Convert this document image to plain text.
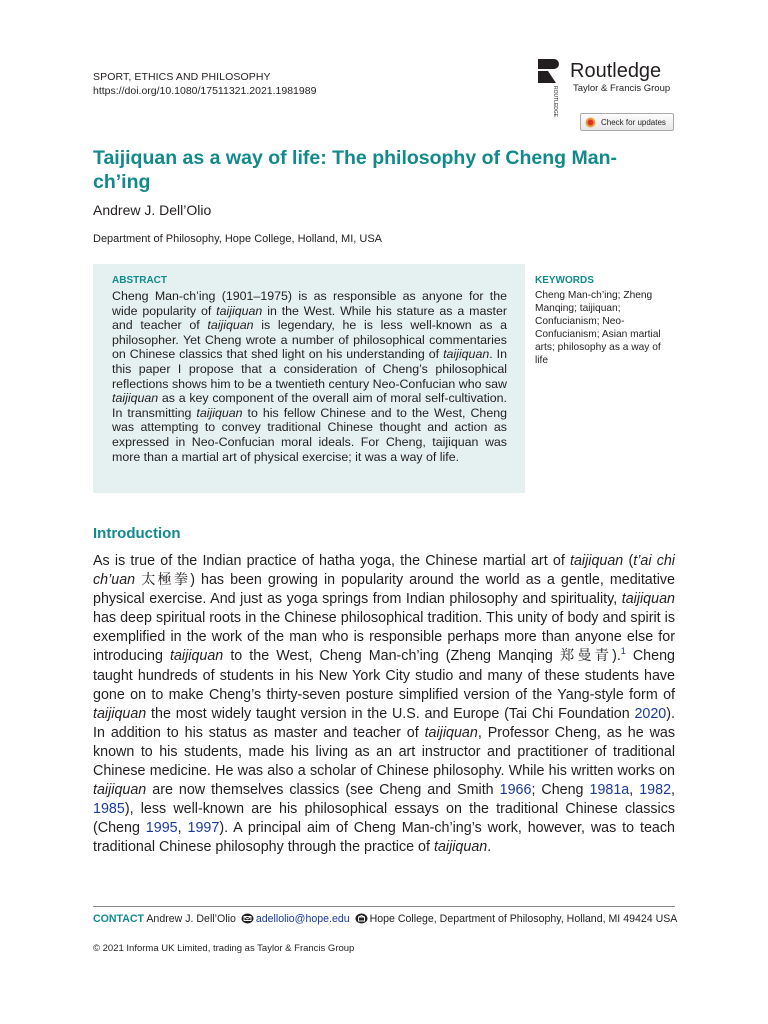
SPORT, ETHICS AND PHILOSOPHY
https://doi.org/10.1080/17511321.2021.1981989	ROUTLEDGE
Routledge
Taylor & Francis Group
Check for updates
Taijiquan as a way of life: The philosophy of Cheng Man-ch’ing
Andrew J. Dell’Olio
Department of Philosophy, Hope College, Holland, MI, USA
ABSTRACT
Cheng Man-ch’ing (1901–1975) is as responsible as anyone for the wide popularity of taijiquan in the West. While his stature as a master and teacher of taijiquan is legendary, he is less well-known as a philosopher. Yet Cheng wrote a number of philosophical commentaries on Chinese classics that shed light on his understanding of taijiquan. In this paper I propose that a consideration of Cheng’s philosophical reflections shows him to be a twentieth century Neo-Confucian who saw taijiquan as a key component of the overall aim of moral self-cultivation. In transmitting taijiquan to his fellow Chinese and to the West, Cheng was attempting to convey traditional Chinese thought and action as expressed in Neo-Confucian moral ideals. For Cheng, taijiquan was more than a martial art of physical exercise; it was a way of life.
KEYWORDS
Cheng Man-ch’ing; Zheng Manqing; taijiquan; Confucianism; Neo-Confucianism; Asian martial arts; philosophy as a way of life
Introduction
As is true of the Indian practice of hatha yoga, the Chinese martial art of taijiquan (t’ai chi ch’uan 太極拳) has been growing in popularity around the world as a gentle, meditative physical exercise. And just as yoga springs from Indian philosophy and spirituality, taijiquan has deep spiritual roots in the Chinese philosophical tradition. This unity of body and spirit is exemplified in the work of the man who is responsible perhaps more than anyone else for introducing taijiquan to the West, Cheng Man-ch’ing (Zheng Manqing 郑曼青).$^1$ Cheng taught hundreds of students in his New York City studio and many of these students have gone on to make Cheng’s thirty-seven posture simplified version of the Yang-style form of taijiquan the most widely taught version in the U.S. and Europe (Tai Chi Foundation 2020). In addition to his status as master and teacher of taijiquan, Professor Cheng, as he was known to his students, made his living as an art instructor and practitioner of traditional Chinese medicine. He was also a scholar of Chinese philosophy. While his written works on taijiquan are now themselves classics (see Cheng and Smith 1966; Cheng 1981a, 1982, 1985), less well-known are his philosophical essays on the traditional Chinese classics (Cheng 1995, 1997). A principal aim of Cheng Man-ch’ing’s work, however, was to teach traditional Chinese philosophy through the practice of taijiquan.
CONTACT Andrew J. Dell’Olio adellolio@hope.edu Hope College, Department of Philosophy, Holland, MI 49424 USA
© 2021 Informa UK Limited, trading as Taylor & Francis Group
